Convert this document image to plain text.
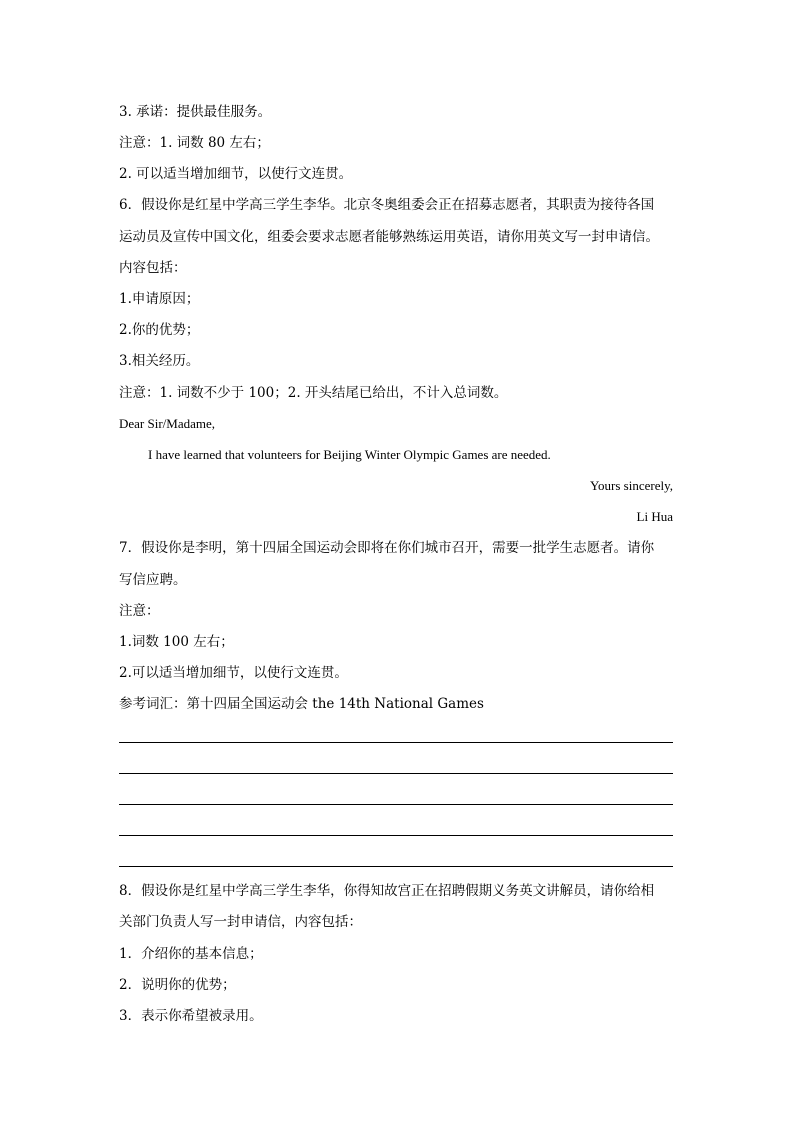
3. 承诺：提供最佳服务。
注意：1. 词数 80 左右；
2. 可以适当增加细节，以使行文连贯。
6．假设你是红星中学高三学生李华。北京冬奥组委会正在招募志愿者，其职责为接待各国
运动员及宣传中国文化，组委会要求志愿者能够熟练运用英语，请你用英文写一封申请信。
内容包括：
1.申请原因；
2.你的优势；
3.相关经历。
注意：1. 词数不少于 100；2. 开头结尾已给出，不计入总词数。
Dear Sir/Madame,
I have learned that volunteers for Beijing Winter Olympic Games are needed.
Yours sincerely,
Li Hua
7．假设你是李明，第十四届全国运动会即将在你们城市召开，需要一批学生志愿者。请你
写信应聘。
注意：
1.词数 100 左右；
2.可以适当增加细节，以使行文连贯。
参考词汇：第十四届全国运动会 the 14th National Games
8．假设你是红星中学高三学生李华，你得知故宫正在招聘假期义务英文讲解员，请你给相
关部门负责人写一封申请信，内容包括：
1．介绍你的基本信息；
2．说明你的优势；
3．表示你希望被录用。
